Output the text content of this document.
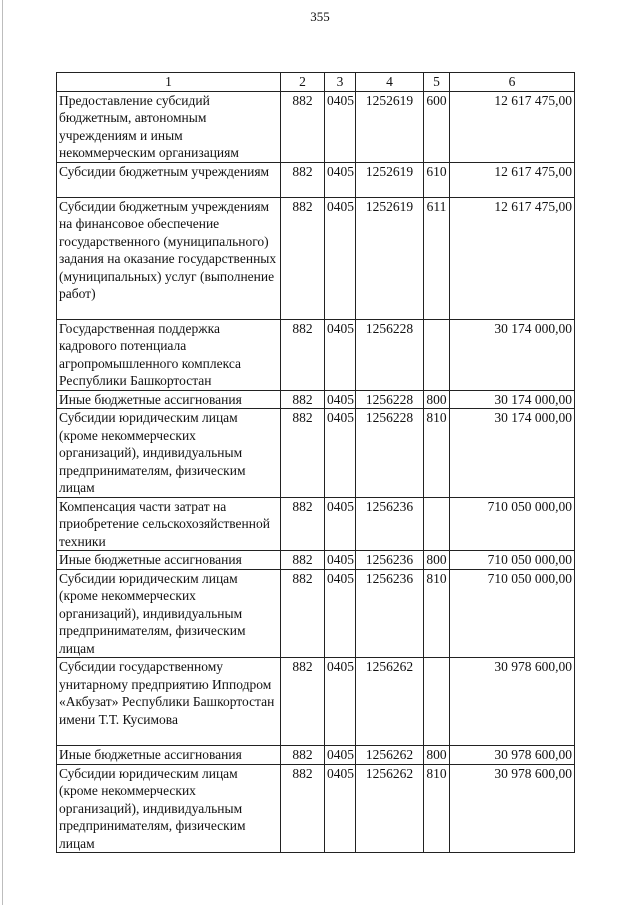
355
1	2	3	4	5	6
Предоставление субсидий бюджетным, автономным учреждениям и иным некоммерческим организациям	882	0405	1252619	600	12 617 475,00
Субсидии бюджетным учреждениям	882	0405	1252619	610	12 617 475,00
Субсидии бюджетным учреждениям на финансовое обеспечение государственного (муниципального) задания на оказание государственных (муниципальных) услуг (выполнение работ)	882	0405	1252619	611	12 617 475,00
Государственная поддержка кадрового потенциала агропромышленного комплекса Республики Башкортостан	882	0405	1256228		30 174 000,00
Иные бюджетные ассигнования	882	0405	1256228	800	30 174 000,00
Субсидии юридическим лицам (кроме некоммерческих организаций), индивидуальным предпринимателям, физическим лицам	882	0405	1256228	810	30 174 000,00
Компенсация части затрат на приобретение сельскохозяйственной техники	882	0405	1256236		710 050 000,00
Иные бюджетные ассигнования	882	0405	1256236	800	710 050 000,00
Субсидии юридическим лицам (кроме некоммерческих организаций), индивидуальным предпринимателям, физическим лицам	882	0405	1256236	810	710 050 000,00
Субсидии государственному унитарному предприятию Ипподром «Акбузат» Республики Башкортостан имени Т.Т. Кусимова	882	0405	1256262		30 978 600,00
Иные бюджетные ассигнования	882	0405	1256262	800	30 978 600,00
Субсидии юридическим лицам (кроме некоммерческих организаций), индивидуальным предпринимателям, физическим лицам	882	0405	1256262	810	30 978 600,00
